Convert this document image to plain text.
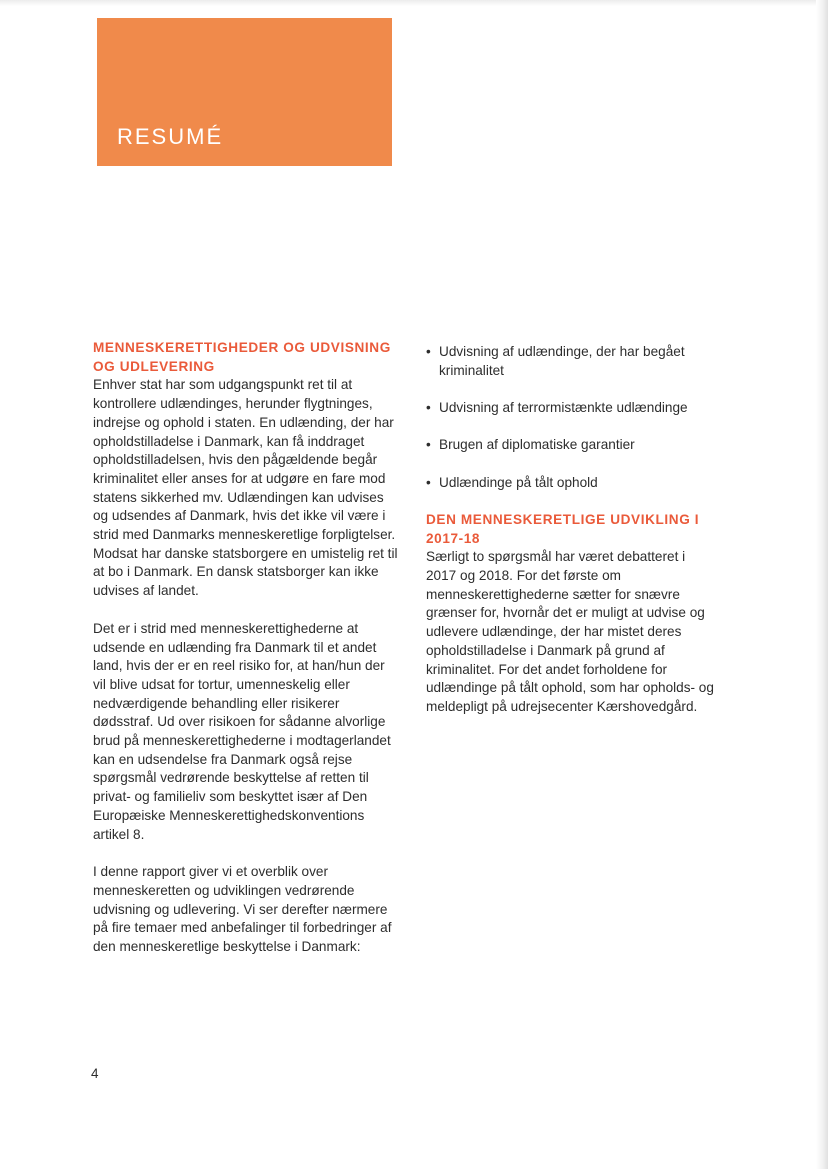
RESUMÉ
MENNESKERETTIGHEDER OG UDVISNING OG UDLEVERING

Enhver stat har som udgangspunkt ret til at kontrollere udlændinges, herunder flygtninges, indrejse og ophold i staten. En udlænding, der har opholdstilladelse i Danmark, kan få inddraget opholdstilladelsen, hvis den pågældende begår kriminalitet eller anses for at udgøre en fare mod statens sikkerhed mv. Udlændingen kan udvises og udsendes af Danmark, hvis det ikke vil være i strid med Danmarks menneskeretlige forpligtelser. Modsat har danske statsborgere en umistelig ret til at bo i Danmark. En dansk statsborger kan ikke udvises af landet.

Det er i strid med menneskerettighederne at udsende en udlænding fra Danmark til et andet land, hvis der er en reel risiko for, at han/hun der vil blive udsat for tortur, umenneskelig eller nedværdigende behandling eller risikerer dødsstraf. Ud over risikoen for sådanne alvorlige brud på menneskerettighederne i modtagerlandet kan en udsendelse fra Danmark også rejse spørgsmål vedrørende beskyttelse af retten til privat- og familieliv som beskyttet især af Den Europæiske Menneskerettighedskonventions artikel 8.

I denne rapport giver vi et overblik over menneskeretten og udviklingen vedrørende udvisning og udlevering. Vi ser derefter nærmere på fire temaer med anbefalinger til forbedringer af den menneskeretlige beskyttelse i Danmark:

• Udvisning af udlændinge, der har begået kriminalitet
• Udvisning af terrormistænkte udlændinge
• Brugen af diplomatiske garantier
• Udlændinge på tålt ophold
DEN MENNESKERETLIGE UDVIKLING I 2017-18

Særligt to spørgsmål har været debatteret i 2017 og 2018. For det første om menneskerettighederne sætter for snævre grænser for, hvornår det er muligt at udvise og udlevere udlændinge, der har mistet deres opholdstilladelse i Danmark på grund af kriminalitet. For det andet forholdene for udlændinge på tålt ophold, som har opholds- og meldepligt på udrejsecenter Kærshovedgård.

4
